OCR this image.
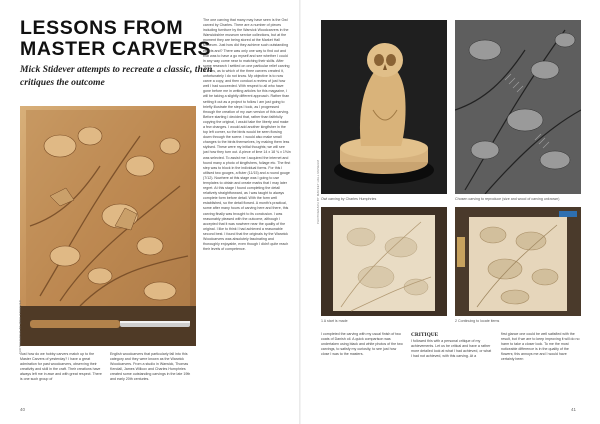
LESSONS FROM MASTER CARVERS
Mick Stidever attempts to recreate a classic, then critiques the outcome
The one carving that many may have seen is the Owl carved by Charles. There are a number of pieces including furniture by the Wanvick Woodcarvers in the Warwickshire museum service collections, but at the moment they are being stored at the Market Hall Museum. Just how did they achieve such outstanding effects and? There was only one way to find out and that was to have a go myself and see whether I could in any way come near to matching their skills. After some research I settled on one particular relief carving of ferns, as to which of the three carvers created it, unfortunately I do not know. My objective is to now carve a copy, and then conduct a review of just how well I had succeeded. With respect to all who have gone before me in writing articles for this magazine, I will be taking a slightly different approach. Rather than setting it out as a project to follow I am just going to briefly illustrate the steps I took, as I progressed through the creation of my own version of this carving. Before starting I decided that, rather than faithfully copying the original, I would take the liberty and make a few changes. I would add another kingfisher in the top left corner, so the birds would be seen flowing down through the scene. I would also make small changes to the birds themselves, by making them less stylised. These were my initial thoughts; we will see just how they turn out. A piece of lime 14 x 18 ¾ x 1⅝in was selected. To assist me I acquired the internet and found many a photo of kingfishers, foliage etc. The first step was to block in the individual forms. For this I utilised two gouges, a fluter (11/15) and a round gouge (7/12). Nowhere at this stage was I going to use templates to obtain and create marks that I may later regret. At this stage I found completing the detail relatively straightforward, as I was taught to always complete form before detail. With the form well established, so the detail flowed. A month's practical, some after many hours of carving here and there, this carving finally was brought to its conclusion. I was reasonably pleased with the outcome, although I accepted that it was nowhere near the quality of the original. I like to think I had achieved a reasonable second best. I found that the originals by the Warwick Woodcarvers was absolutely fascinating and thoroughly enjoyable, even though I didn't quite reach their levels of competence.
PHOTOGRAPHS BY MICK STIDEVER
Just how do we hobby carvers match up to the Master Carvers of yesterday? I have a great admiration for past woodcarvers, observing their creativity and skill in the craft. Their creations have always left me in awe and with great respect. There is one such group of
English woodcarvers that particularly fall into this category and they were known as the Warwick Woodcarvers. From a studio in Warwick, Thomas Kendall, James Willcox and Charles Humphries created some outstanding carvings in the late 19th and early 20th centuries.
40
PHOTOGRAPH BY MARKET HALL MUSEUM Owl carving by Charles Humphries	Chosen carving to reproduce (size and wood of carving unknown)
1 A start is made	2 Continuing to locate items
I completed the carving with my usual finish of two coats of Danish oil. A quick comparison was undertaken using black and white photos of the two carvings, to satisfy my curiosity, to see just how close I was to the masters.
CRITIQUE
I followed this with a personal critique of my achievements. Let us be critical and have a rather more detailed look at what I had achieved, or what I had not achieved, with this carving. At a
first glance one could be well satisfied with the result, but if we are to keep improving it will do no harm to take a closer look. To me the most noticeable difference is in the quality of the flowers; this annoys me and I would have certainly been
41
